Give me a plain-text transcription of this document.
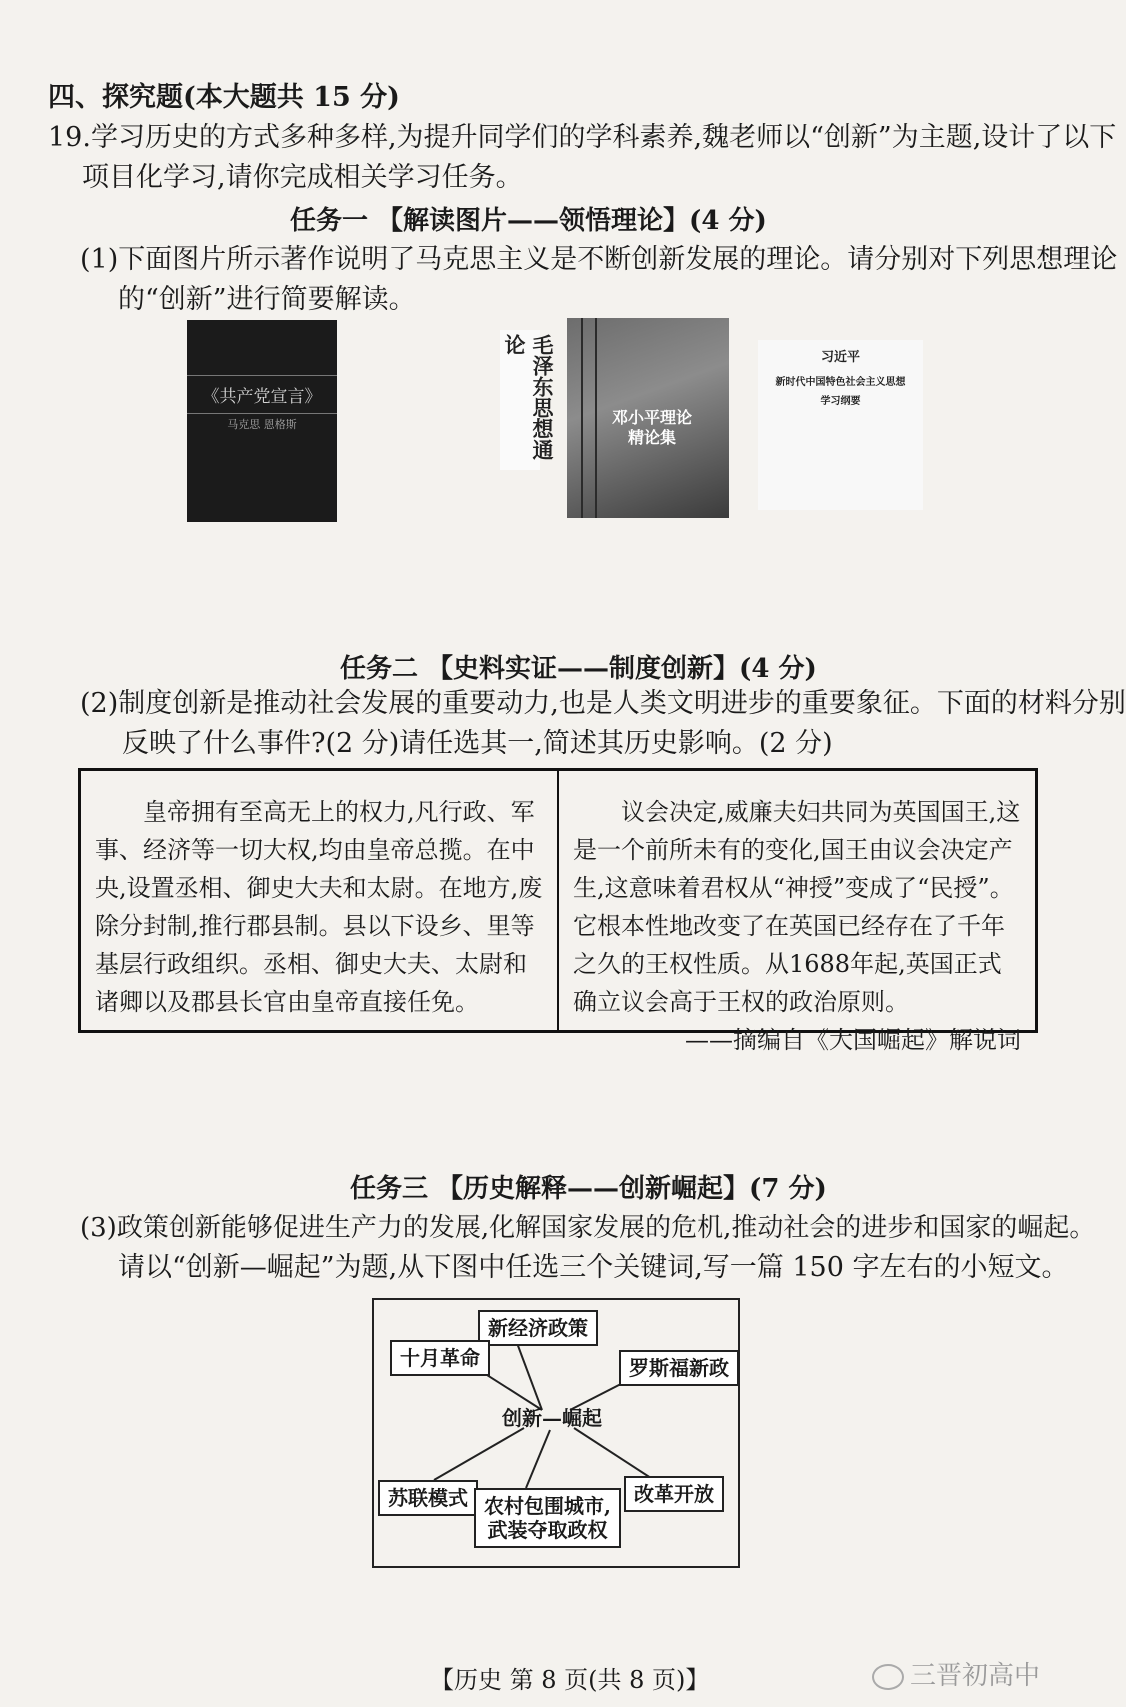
四、探究题(本大题共 15 分)
19.学习历史的方式多种多样,为提升同学们的学科素养,魏老师以“创新”为主题,设计了以下
项目化学习,请你完成相关学习任务。
任务一 【解读图片——领悟理论】(4 分)
(1)下面图片所示著作说明了马克思主义是不断创新发展的理论。请分别对下列思想理论
的“创新”进行简要解读。
《共产党宣言》
马克思 恩格斯	毛泽东思想通论
邓小平理论精论集
习近平
新时代中国特色社会主义思想
学习纲要
任务二 【史料实证——制度创新】(4 分)
(2)制度创新是推动社会发展的重要动力,也是人类文明进步的重要象征。下面的材料分别
反映了什么事件?(2 分)请任选其一,简述其历史影响。(2 分)
皇帝拥有至高无上的权力,凡行政、军事、经济等一切大权,均由皇帝总揽。在中央,设置丞相、御史大夫和太尉。在地方,废除分封制,推行郡县制。县以下设乡、里等基层行政组织。丞相、御史大夫、太尉和诸卿以及郡县长官由皇帝直接任免。
议会决定,威廉夫妇共同为英国国王,这是一个前所未有的变化,国王由议会决定产生,这意味着君权从“神授”变成了“民授”。它根本性地改变了在英国已经存在了千年之久的王权性质。从1688年起,英国正式确立议会高于王权的政治原则。
——摘编自《大国崛起》解说词
任务三 【历史解释——创新崛起】(7 分)
(3)政策创新能够促进生产力的发展,化解国家发展的危机,推动社会的进步和国家的崛起。
请以“创新—崛起”为题,从下图中任选三个关键词,写一篇 150 字左右的小短文。
创新—崛起
新经济政策
十月革命	罗斯福新政
苏联模式 农村包围城市,
武装夺取政权
改革开放
【历史 第 8 页(共 8 页)】	三晋初高中
